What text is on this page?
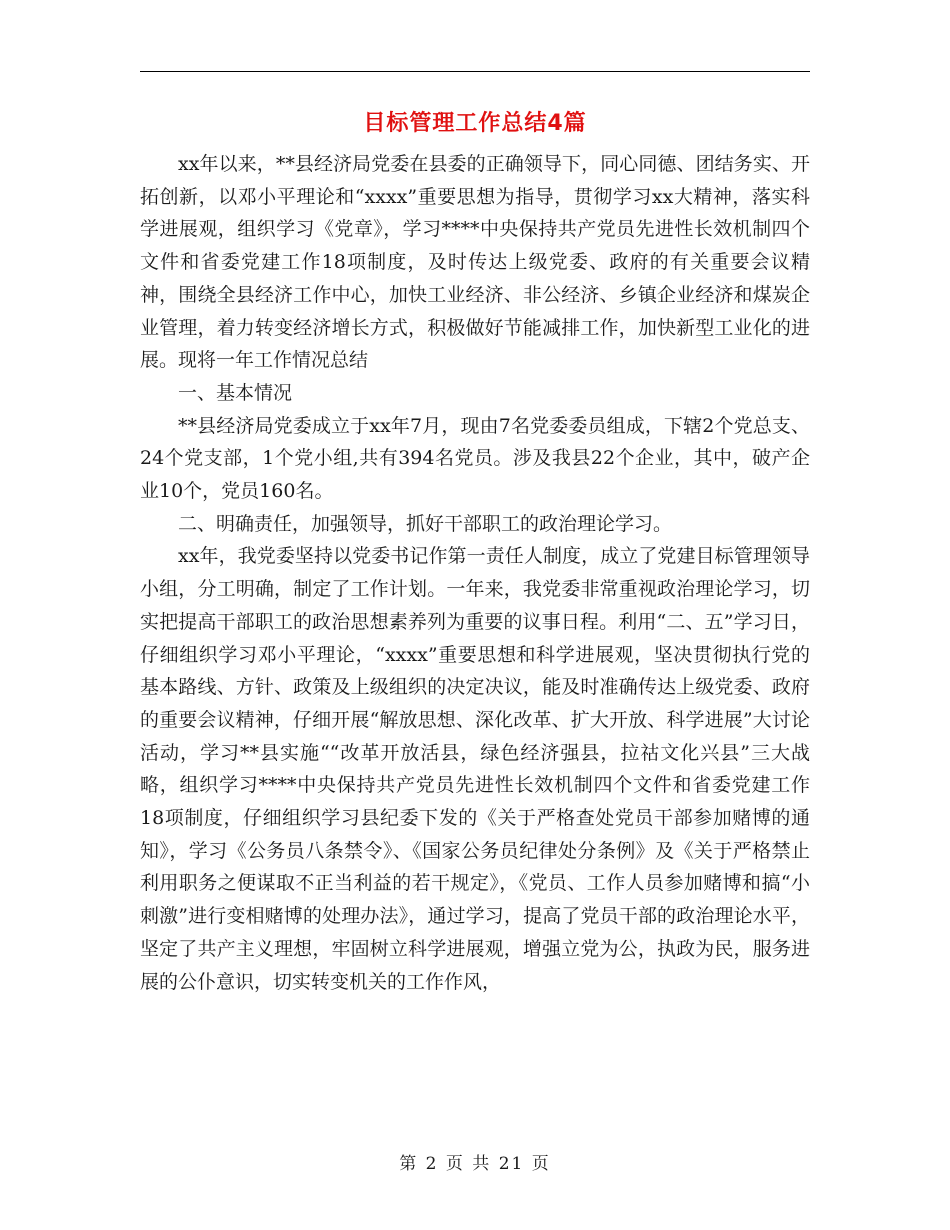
目标管理工作总结4篇

xx年以来，**县经济局党委在县委的正确领导下，同心同德、团结务实、开拓创新，以邓小平理论和“xxxx”重要思想为指导，贯彻学习xx大精神，落实科学进展观，组织学习《党章》，学习****中央保持共产党员先进性长效机制四个文件和省委党建工作18项制度，及时传达上级党委、政府的有关重要会议精神，围绕全县经济工作中心，加快工业经济、非公经济、乡镇企业经济和煤炭企业管理，着力转变经济增长方式，积极做好节能减排工作，加快新型工业化的进展。现将一年工作情况总结

一、基本情况

**县经济局党委成立于xx年7月，现由7名党委委员组成，下辖2个党总支、24个党支部，1个党小组,共有394名党员。涉及我县22个企业，其中，破产企业10个，党员160名。

二、明确责任，加强领导，抓好干部职工的政治理论学习。

xx年，我党委坚持以党委书记作第一责任人制度，成立了党建目标管理领导小组，分工明确，制定了工作计划。一年来，我党委非常重视政治理论学习，切实把提高干部职工的政治思想素养列为重要的议事日程。利用“二、五”学习日，仔细组织学习邓小平理论，“xxxx”重要思想和科学进展观，坚决贯彻执行党的基本路线、方针、政策及上级组织的决定决议，能及时准确传达上级党委、政府的重要会议精神，仔细开展“解放思想、深化改革、扩大开放、科学进展”大讨论活动，学习**县实施““改革开放活县，绿色经济强县，拉祜文化兴县”三大战略，组织学习****中央保持共产党员先进性长效机制四个文件和省委党建工作18项制度，仔细组织学习县纪委下发的《关于严格查处党员干部参加赌博的通知》，学习《公务员八条禁令》、《国家公务员纪律处分条例》及《关于严格禁止利用职务之便谋取不正当利益的若干规定》，《党员、工作人员参加赌博和搞“小刺激”进行变相赌博的处理办法》，通过学习，提高了党员干部的政治理论水平，坚定了共产主义理想，牢固树立科学进展观，增强立党为公，执政为民，服务进展的公仆意识，切实转变机关的工作作风，

第 2 页 共 21 页
